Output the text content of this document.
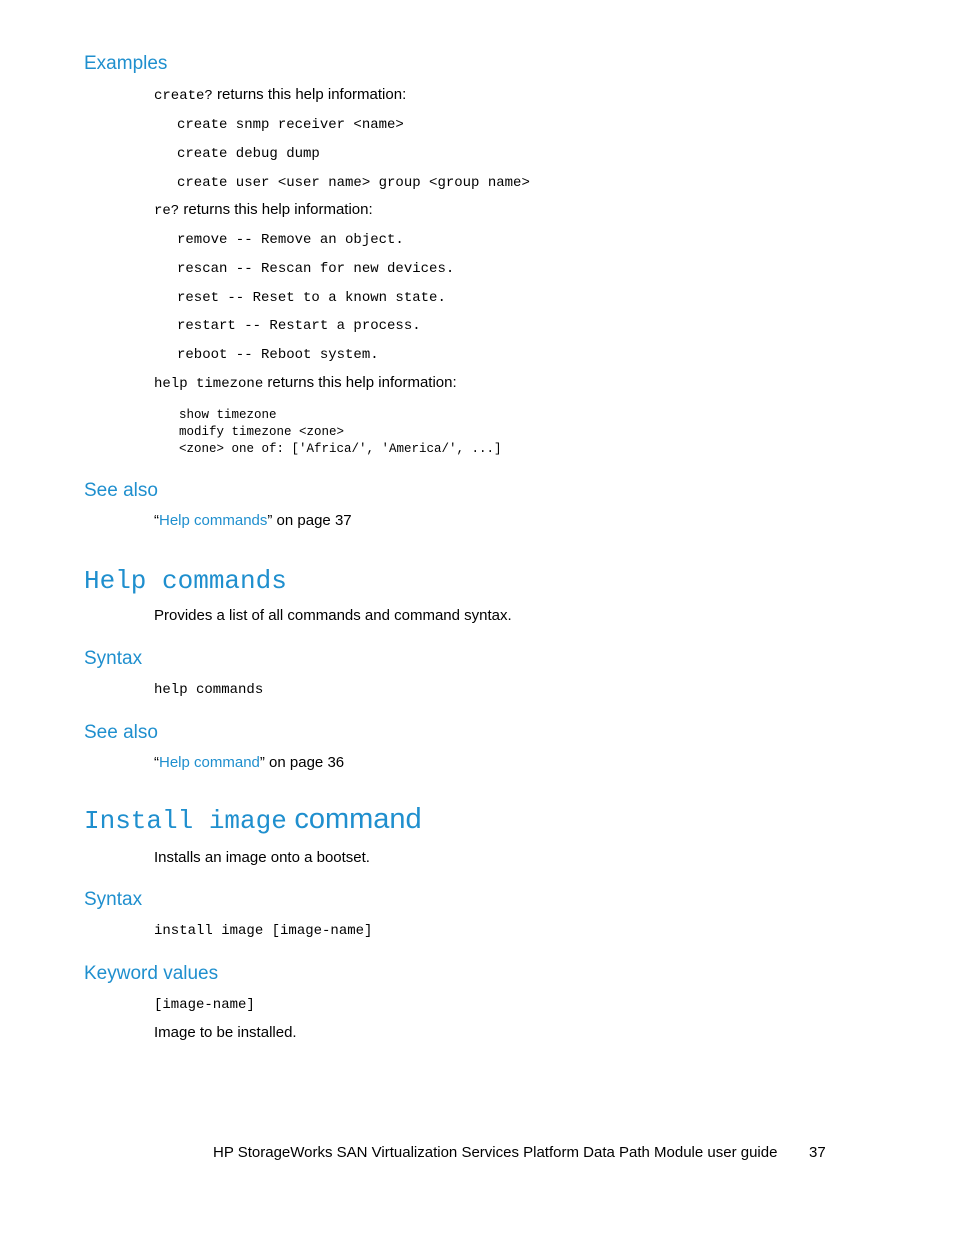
Examples
create? returns this help information:
create snmp receiver <name>
create debug dump
create user <user name> group <group name>
re? returns this help information:
remove -- Remove an object.
rescan -- Rescan for new devices.
reset -- Reset to a known state.
restart -- Restart a process.
reboot -- Reboot system.
help timezone returns this help information:
show timezone
modify timezone <zone>
<zone> one of: ['Africa/', 'America/', ...]
See also
“Help commands” on page 37
Help commands
Provides a list of all commands and command syntax.
Syntax
help commands
See also
“Help command” on page 36
Install image command
Installs an image onto a bootset.
Syntax
install image [image-name]
Keyword values
[image-name]
Image to be installed.
HP StorageWorks SAN Virtualization Services Platform Data Path Module user guide 37
